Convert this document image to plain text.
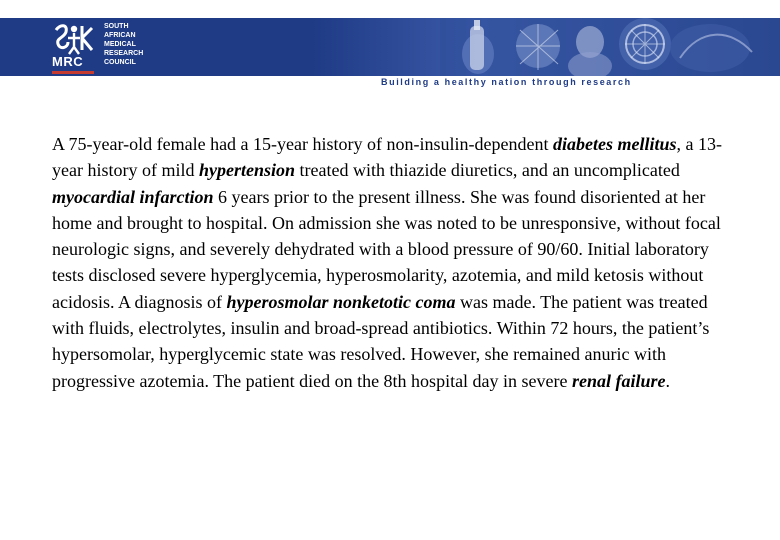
MRC
SOUTH
AFRICAN
MEDICAL
RESEARCH
COUNCIL
Building a healthy nation through research
A 75-year-old female had a 15-year history of non-insulin-dependent diabetes mellitus, a 13-year history of mild hypertension treated with thiazide diuretics, and an uncomplicated myocardial infarction 6 years prior to the present illness. She was found disoriented at her home and brought to hospital. On admission she was noted to be unresponsive, without focal neurologic signs, and severely dehydrated with a blood pressure of 90/60. Initial laboratory tests disclosed severe hyperglycemia, hyperosmolarity, azotemia, and mild ketosis without acidosis. A diagnosis of hyperosmolar nonketotic coma was made. The patient was treated with fluids, electrolytes, insulin and broad-spread antibiotics. Within 72 hours, the patient’s hypersomolar, hyperglycemic state was resolved. However, she remained anuric with progressive azotemia. The patient died on the 8th hospital day in severe renal failure.
